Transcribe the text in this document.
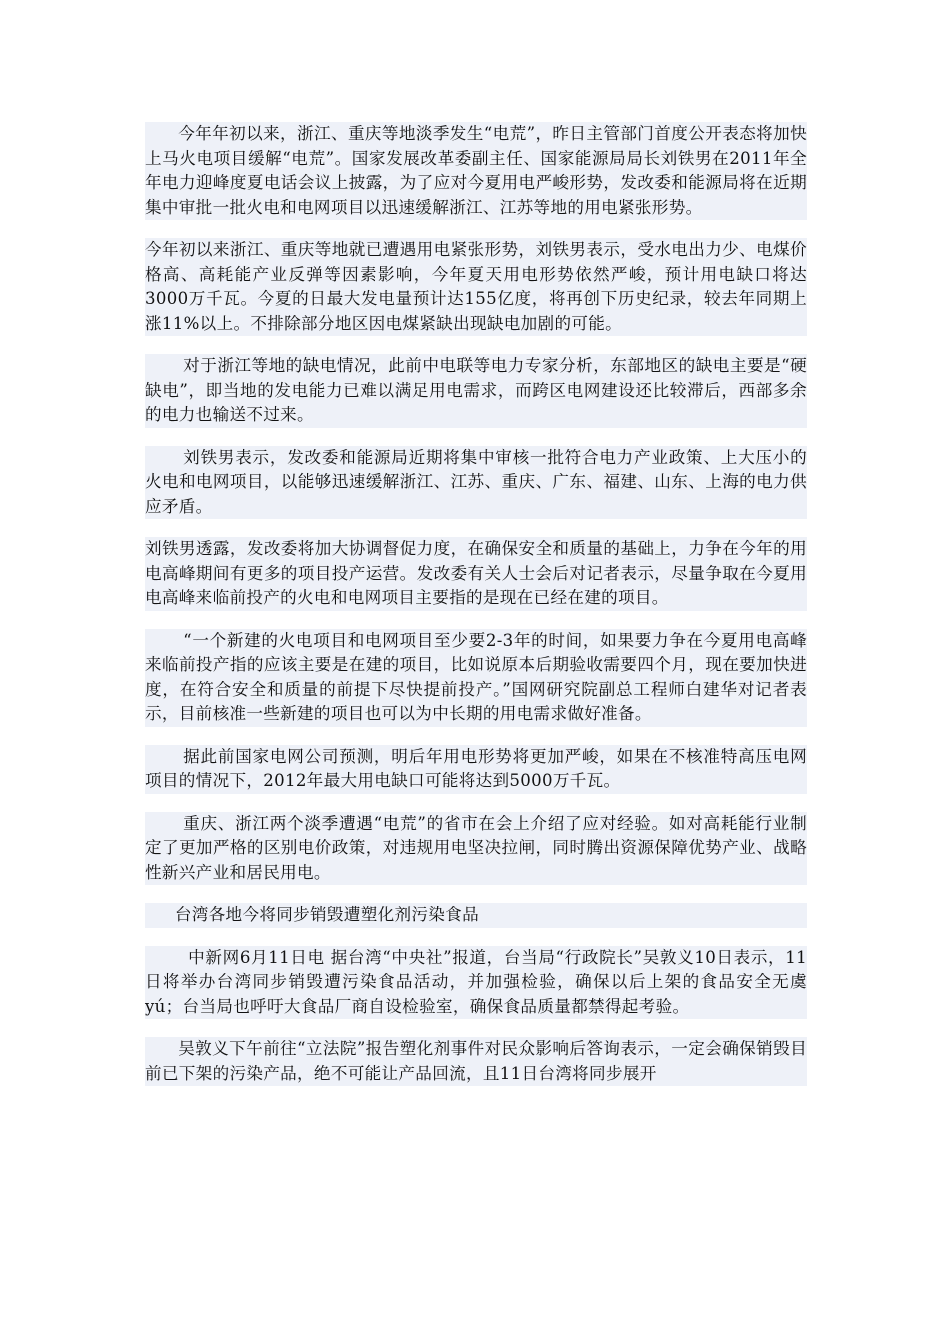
今年年初以来，浙江、重庆等地淡季发生“电荒”，昨日主管部门首度公开表态将加快上马火电项目缓解“电荒”。国家发展改革委副主任、国家能源局局长刘铁男在2011年全年电力迎峰度夏电话会议上披露，为了应对今夏用电严峻形势，发改委和能源局将在近期集中审批一批火电和电网项目以迅速缓解浙江、江苏等地的用电紧张形势。

今年初以来浙江、重庆等地就已遭遇用电紧张形势，刘铁男表示，受水电出力少、电煤价格高、高耗能产业反弹等因素影响，今年夏天用电形势依然严峻，预计用电缺口将达3000万千瓦。今夏的日最大发电量预计达155亿度，将再创下历史纪录，较去年同期上涨11%以上。不排除部分地区因电煤紧缺出现缺电加剧的可能。

对于浙江等地的缺电情况，此前中电联等电力专家分析，东部地区的缺电主要是“硬缺电”，即当地的发电能力已难以满足用电需求，而跨区电网建设还比较滞后，西部多余的电力也输送不过来。

刘铁男表示，发改委和能源局近期将集中审核一批符合电力产业政策、上大压小的火电和电网项目，以能够迅速缓解浙江、江苏、重庆、广东、福建、山东、上海的电力供应矛盾。

刘铁男透露，发改委将加大协调督促力度，在确保安全和质量的基础上，力争在今年的用电高峰期间有更多的项目投产运营。发改委有关人士会后对记者表示，尽量争取在今夏用电高峰来临前投产的火电和电网项目主要指的是现在已经在建的项目。

“一个新建的火电项目和电网项目至少要2-3年的时间，如果要力争在今夏用电高峰来临前投产指的应该主要是在建的项目，比如说原本后期验收需要四个月，现在要加快进度，在符合安全和质量的前提下尽快提前投产。”国网研究院副总工程师白建华对记者表示，目前核准一些新建的项目也可以为中长期的用电需求做好准备。

据此前国家电网公司预测，明后年用电形势将更加严峻，如果在不核准特高压电网项目的情况下，2012年最大用电缺口可能将达到5000万千瓦。

重庆、浙江两个淡季遭遇“电荒”的省市在会上介绍了应对经验。如对高耗能行业制定了更加严格的区别电价政策，对违规用电坚决拉闸，同时腾出资源保障优势产业、战略性新兴产业和居民用电。

台湾各地今将同步销毁遭塑化剂污染食品

中新网6月11日电 据台湾“中央社”报道，台当局“行政院长”吴敦义10日表示，11日将举办台湾同步销毁遭污染食品活动，并加强检验，确保以后上架的食品安全无虞yú；台当局也呼吁大食品厂商自设检验室，确保食品质量都禁得起考验。

吴敦义下午前往“立法院”报告塑化剂事件对民众影响后答询表示，一定会确保销毁目前已下架的污染产品，绝不可能让产品回流，且11日台湾将同步展开
